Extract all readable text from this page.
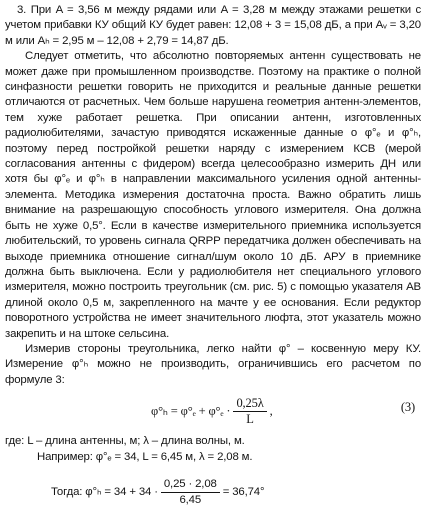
3. При A = 3,56 м между рядами или A = 3,28 м между этажами решетки с учетом прибавки КУ общий КУ будет равен: 12,08 + 3 = 15,08 дБ, а при Aᵥ = 3,20 м или Aₕ = 2,95 м – 12,08 + 2,79 = 14,87 дБ.

Следует отметить, что абсолютно повторяемых антенн существовать не может даже при промышленном производстве. Поэтому на практике о полной синфазности решетки говорить не приходится и реальные данные решетки отличаются от расчетных. Чем больше нарушена геометрия антенн-элементов, тем хуже работает решетка. При описании антенн, изготовленных радиолюбителями, зачастую приводятся искаженные данные о φ°ₑ и φ°ₕ, поэтому перед постройкой решетки наряду с измерением КСВ (мерой согласования антенны с фидером) всегда целесообразно измерить ДН или хотя бы φ°ₑ и φ°ₕ в направлении максимального усиления одной антенны-элемента. Методика измерения достаточна проста. Важно обратить лишь внимание на разрешающую способность углового измерителя. Она должна быть не хуже 0,5°. Если в качестве измерительного приемника используется любительский, то уровень сигнала QRPP передатчика должен обеспечивать на выходе приемника отношение сигнал/шум около 10 дБ. АРУ в приемнике должна быть выключена. Если у радиолюбителя нет специального углового измерителя, можно построить треугольник (см. рис. 5) с помощью указателя AB длиной около 0,5 м, закрепленного на мачте у ее основания. Если редуктор поворотного устройства не имеет значительного люфта, этот указатель можно закрепить и на штоке сельсина.

Измерив стороны треугольника, легко найти φ° – косвенную меру КУ. Измерение φ°ₕ можно не производить, ограничившись его расчетом по формуле 3:

$\varphi^\circ_h = \varphi^\circ_e + \varphi^\circ_e \cdot \frac{0,25\lambda}{L}$ ,	(3)

где: L – длина антенны, м; λ – длина волны, м.

Например: φ°ₑ = 34, L = 6,45 м, λ = 2,08 м.

Тогда: $\varphi^\circ_h = 34 + 34 \cdot \frac{0,25 \cdot 2,08}{6,45} = 36,74^\circ$
